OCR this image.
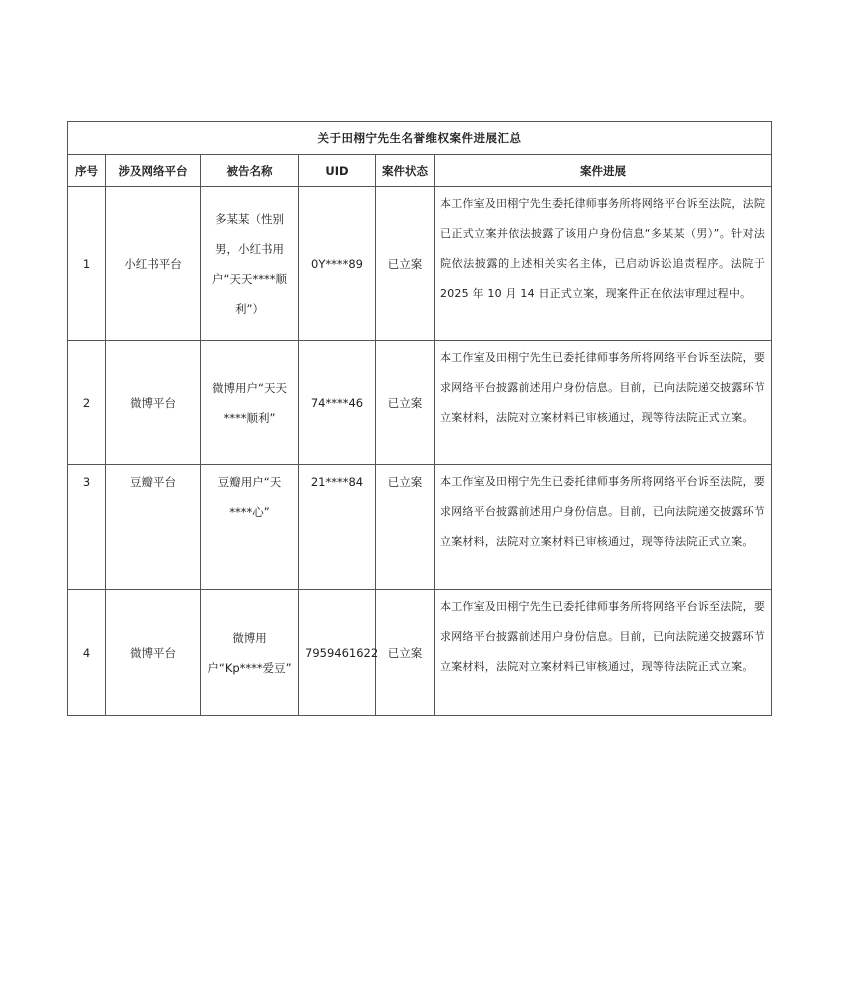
关于田栩宁先生名誉维权案件进展汇总					
序号	涉及网络平台	被告名称	UID	案件状态	案件进展

1	小红书平台	多某某（性别男，小红书用户“天天****顺利”）	0Y****89	已立案	本工作室及田栩宁先生委托律师事务所将网络平台诉至法院，法院已正式立案并依法披露了该用户身份信息“多某某（男）”。针对法院依法披露的上述相关实名主体，已启动诉讼追责程序。法院于 2025 年 10 月 14 日正式立案，现案件正在依法审理过程中。

2	微博平台	微博用户“天天****顺利”	74****46	已立案	本工作室及田栩宁先生已委托律师事务所将网络平台诉至法院，要求网络平台披露前述用户身份信息。目前，已向法院递交披露环节立案材料，法院对立案材料已审核通过，现等待法院正式立案。

3	豆瓣平台	豆瓣用户“天****心”	21****84	已立案	本工作室及田栩宁先生已委托律师事务所将网络平台诉至法院，要求网络平台披露前述用户身份信息。目前，已向法院递交披露环节立案材料，法院对立案材料已审核通过，现等待法院正式立案。

4	微博平台	微博用户“Kp****爱豆”	7959461622	已立案	本工作室及田栩宁先生已委托律师事务所将网络平台诉至法院，要求网络平台披露前述用户身份信息。目前，已向法院递交披露环节立案材料，法院对立案材料已审核通过，现等待法院正式立案。
